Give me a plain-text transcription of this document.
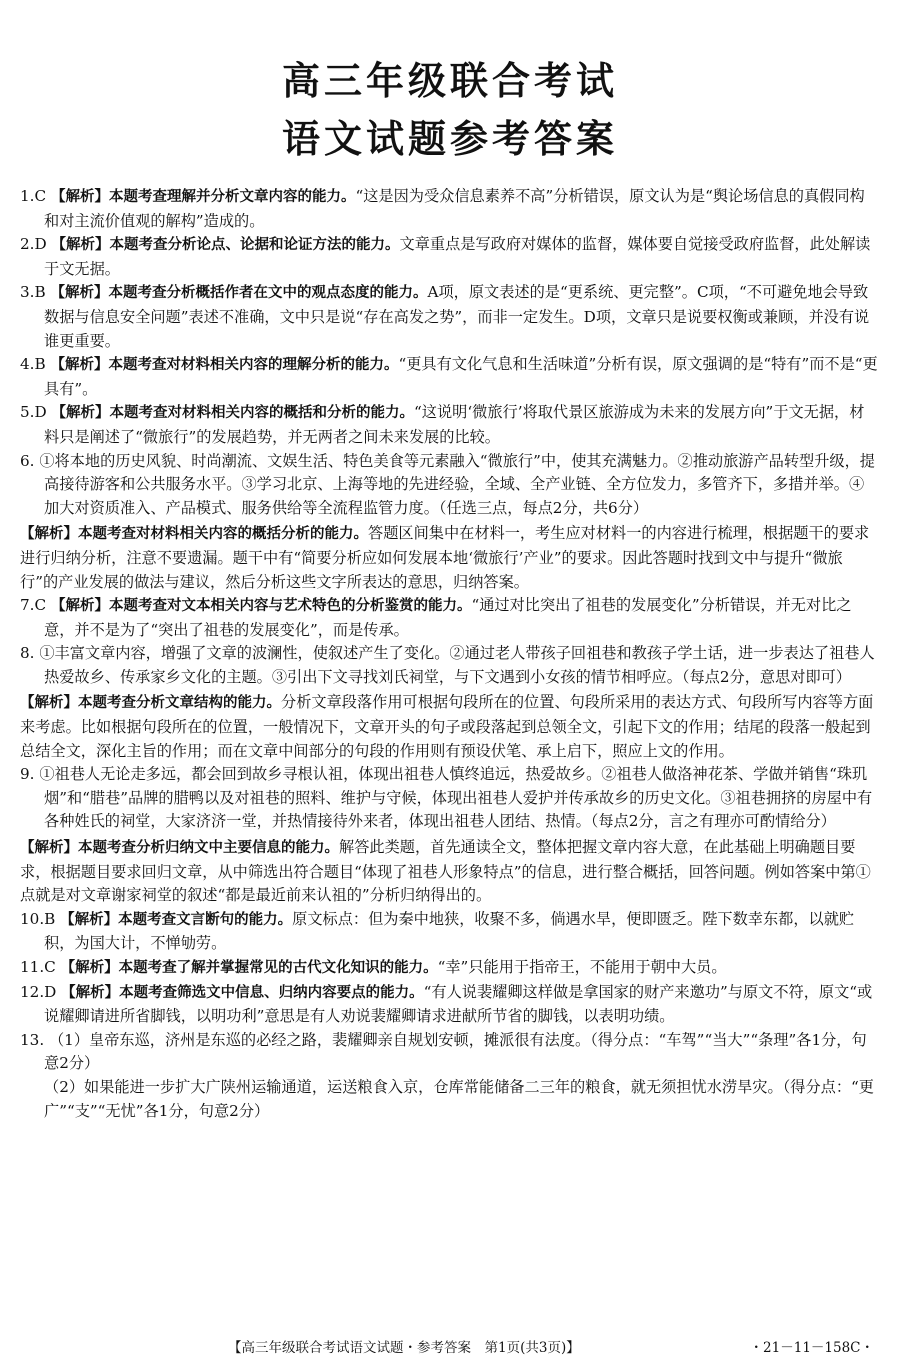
高三年级联合考试
语文试题参考答案

1.C 【解析】本题考查理解并分析文章内容的能力。“这是因为受众信息素养不高”分析错误，原文认为是“舆论场信息的真假同构和对主流价值观的解构”造成的。

2.D 【解析】本题考查分析论点、论据和论证方法的能力。文章重点是写政府对媒体的监督，媒体要自觉接受政府监督，此处解读于文无据。

3.B 【解析】本题考查分析概括作者在文中的观点态度的能力。A项，原文表述的是“更系统、更完整”。C项，“不可避免地会导致数据与信息安全问题”表述不准确，文中只是说“存在高发之势”，而非一定发生。D项，文章只是说要权衡或兼顾，并没有说谁更重要。

4.B 【解析】本题考查对材料相关内容的理解分析的能力。“更具有文化气息和生活味道”分析有误，原文强调的是“特有”而不是“更具有”。

5.D 【解析】本题考查对材料相关内容的概括和分析的能力。“这说明‘微旅行’将取代景区旅游成为未来的发展方向”于文无据，材料只是阐述了“微旅行”的发展趋势，并无两者之间未来发展的比较。

6. ①将本地的历史风貌、时尚潮流、文娱生活、特色美食等元素融入“微旅行”中，使其充满魅力。②推动旅游产品转型升级，提高接待游客和公共服务水平。③学习北京、上海等地的先进经验，全域、全产业链、全方位发力，多管齐下，多措并举。④加大对资质准入、产品模式、服务供给等全流程监管力度。（任选三点，每点2分，共6分）

【解析】本题考查对材料相关内容的概括分析的能力。答题区间集中在材料一，考生应对材料一的内容进行梳理，根据题干的要求进行归纳分析，注意不要遗漏。题干中有“简要分析应如何发展本地‘微旅行’产业”的要求。因此答题时找到文中与提升“微旅行”的产业发展的做法与建议，然后分析这些文字所表达的意思，归纳答案。

7.C 【解析】本题考查对文本相关内容与艺术特色的分析鉴赏的能力。“通过对比突出了祖巷的发展变化”分析错误，并无对比之意，并不是为了“突出了祖巷的发展变化”，而是传承。

8. ①丰富文章内容，增强了文章的波澜性，使叙述产生了变化。②通过老人带孩子回祖巷和教孩子学土话，进一步表达了祖巷人热爱故乡、传承家乡文化的主题。③引出下文寻找刘氏祠堂，与下文遇到小女孩的情节相呼应。（每点2分，意思对即可）

【解析】本题考查分析文章结构的能力。分析文章段落作用可根据句段所在的位置、句段所采用的表达方式、句段所写内容等方面来考虑。比如根据句段所在的位置，一般情况下，文章开头的句子或段落起到总领全文，引起下文的作用；结尾的段落一般起到总结全文，深化主旨的作用；而在文章中间部分的句段的作用则有预设伏笔、承上启下，照应上文的作用。

9. ①祖巷人无论走多远，都会回到故乡寻根认祖，体现出祖巷人慎终追远，热爱故乡。②祖巷人做洛神花茶、学做并销售“珠玑烟”和“腊巷”品牌的腊鸭以及对祖巷的照料、维护与守候，体现出祖巷人爱护并传承故乡的历史文化。③祖巷拥挤的房屋中有各种姓氏的祠堂，大家济济一堂，并热情接待外来者，体现出祖巷人团结、热情。（每点2分，言之有理亦可酌情给分）

【解析】本题考查分析归纳文中主要信息的能力。解答此类题，首先通读全文，整体把握文章内容大意，在此基础上明确题目要求，根据题目要求回归文章，从中筛选出符合题目“体现了祖巷人形象特点”的信息，进行整合概括，回答问题。例如答案中第①点就是对文章谢家祠堂的叙述“都是最近前来认祖的”分析归纳得出的。

10.B 【解析】本题考查文言断句的能力。原文标点：但为秦中地狭，收聚不多，倘遇水旱，便即匮乏。陛下数幸东都，以就贮积，为国大计，不惮劬劳。

11.C 【解析】本题考查了解并掌握常见的古代文化知识的能力。“幸”只能用于指帝王，不能用于朝中大员。

12.D 【解析】本题考查筛选文中信息、归纳内容要点的能力。“有人说裴耀卿这样做是拿国家的财产来邀功”与原文不符，原文“或说耀卿请进所省脚钱，以明功利”意思是有人劝说裴耀卿请求进献所节省的脚钱，以表明功绩。

13. （1）皇帝东巡，济州是东巡的必经之路，裴耀卿亲自规划安顿，摊派很有法度。（得分点：“车驾”“当大”“条理”各1分，句意2分）

（2）如果能进一步扩大广陕州运输通道，运送粮食入京，仓库常能储备二三年的粮食，就无须担忧水涝旱灾。（得分点：“更广”“支”“无忧”各1分，句意2分）

【高三年级联合考试语文试题・参考答案　第1页(共3页)】	・21－11－158C・
